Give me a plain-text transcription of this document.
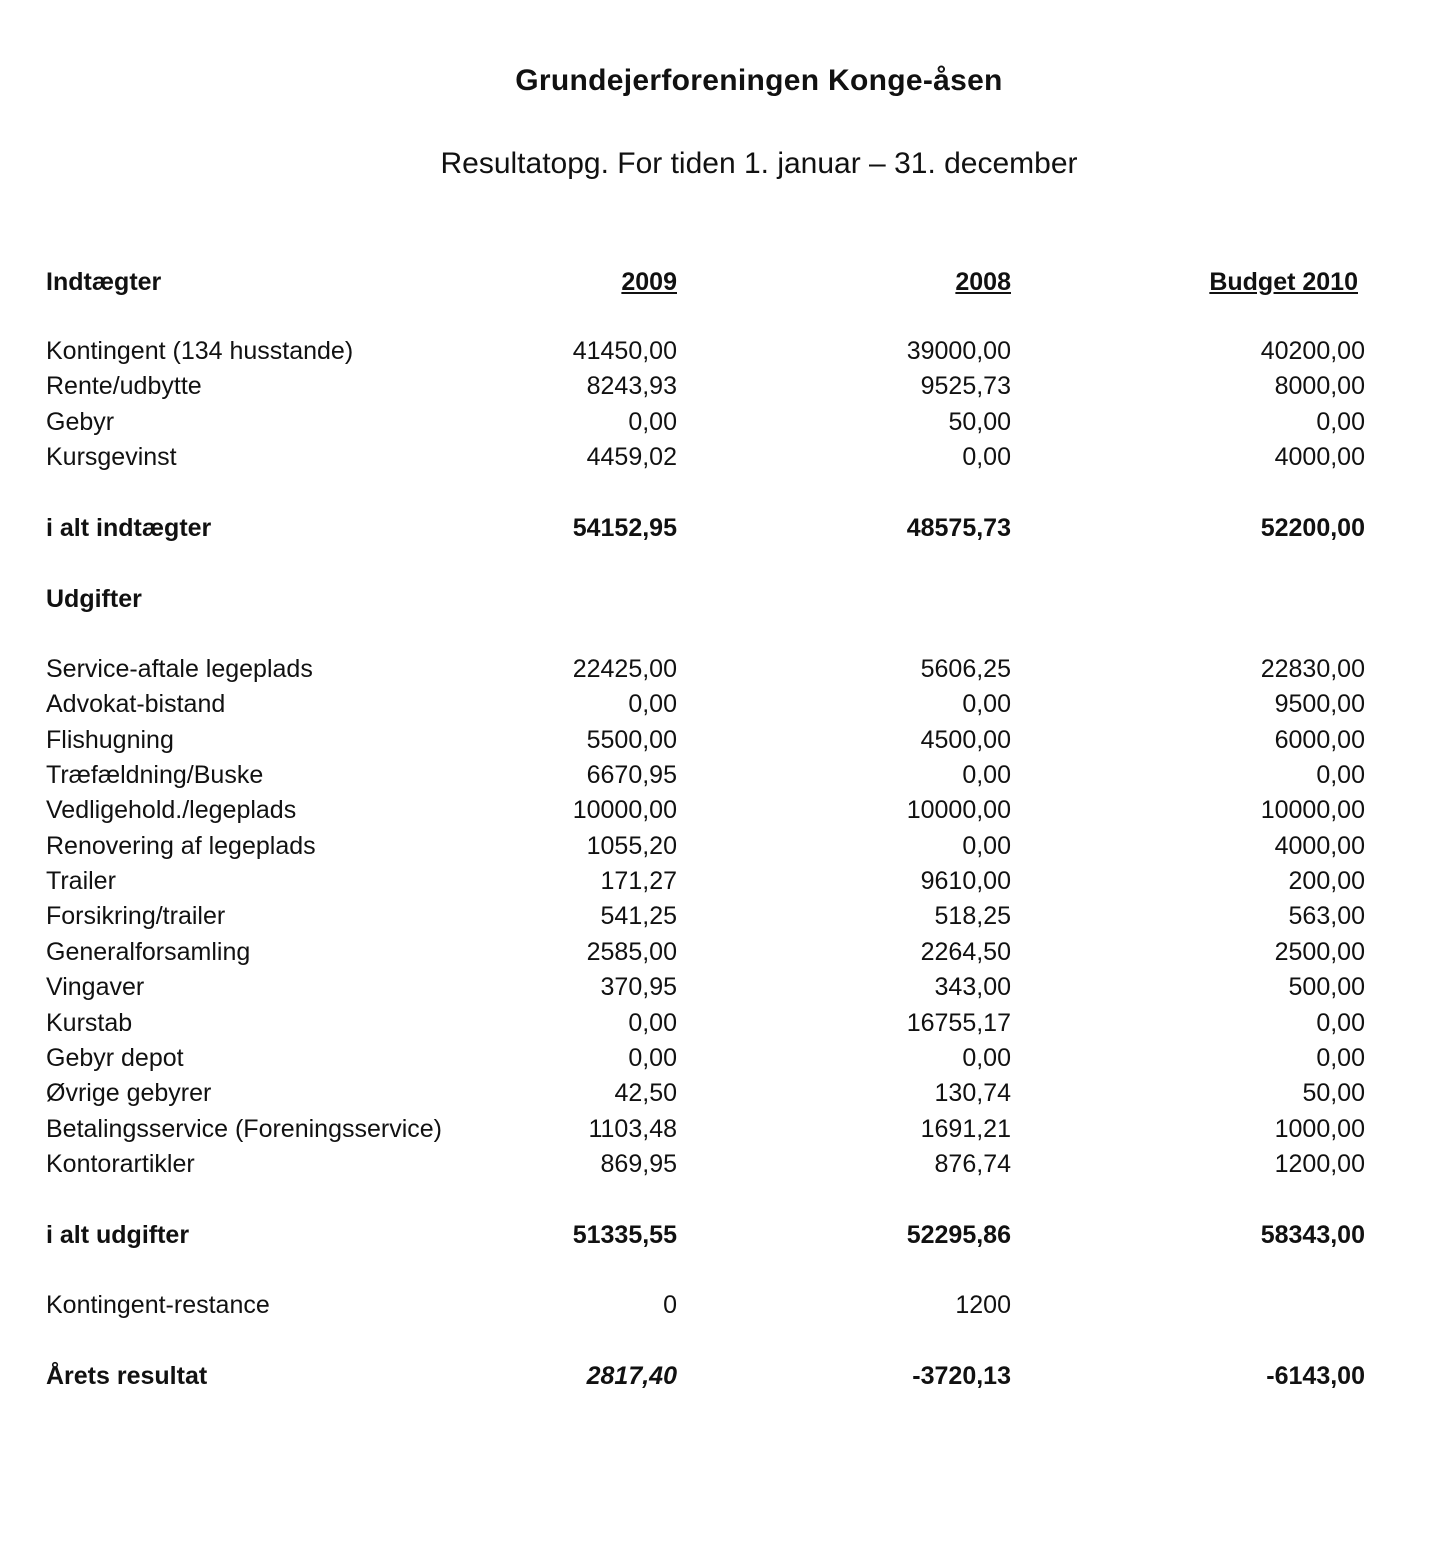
Grundejerforeningen Konge-åsen
Resultatopg. For tiden 1. januar – 31. december
Indtægter	2009	2008	Budget 2010
Kontingent (134 husstande)	41450,00	39000,00	40200,00
Rente/udbytte	8243,93	9525,73	8000,00
Gebyr	0,00	50,00	0,00
Kursgevinst	4459,02	0,00	4000,00
i alt indtægter	54152,95	48575,73	52200,00
Udgifter
Service-aftale legeplads	22425,00	5606,25	22830,00
Advokat-bistand	0,00	0,00	9500,00
Flishugning	5500,00	4500,00	6000,00
Træfældning/Buske	6670,95	0,00	0,00
Vedligehold./legeplads	10000,00	10000,00	10000,00
Renovering af legeplads	1055,20	0,00	4000,00
Trailer	171,27	9610,00	200,00
Forsikring/trailer	541,25	518,25	563,00
Generalforsamling	2585,00	2264,50	2500,00
Vingaver	370,95	343,00	500,00
Kurstab	0,00	16755,17	0,00
Gebyr depot	0,00	0,00	0,00
Øvrige gebyrer	42,50	130,74	50,00
Betalingsservice (Foreningsservice)	1103,48	1691,21	1000,00
Kontorartikler	869,95	876,74	1200,00
i alt udgifter	51335,55	52295,86	58343,00
Kontingent-restance	0	1200
Årets resultat	2817,40	-3720,13	-6143,00
